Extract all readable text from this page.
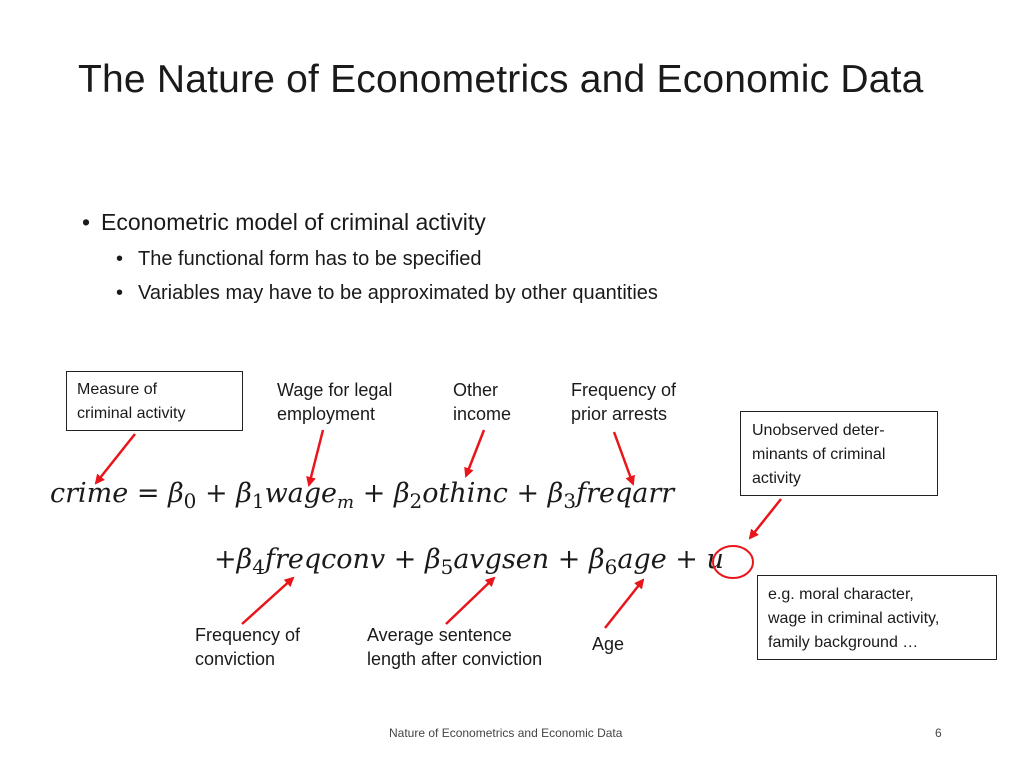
The Nature of Econometrics and Economic Data
• Econometric model of criminal activity
• The functional form has to be specified
• Variables may have to be approximated by other quantities
Measure of
criminal activity
Unobserved deter-
minants of criminal
activity
e.g. moral character,
wage in criminal activity,
family background …
Wage for legal
employment
Other
income
Frequency of
prior arrests
Frequency of
conviction
Average sentence
length after conviction
Age
crime = $\beta_0$ + $\beta_1wage_m$ + $\beta_2othinc$ + $\beta_3freqarr$
$+\beta_4freqconv$ + $\beta_5avgsen + \beta_6age + u$
Nature of Econometrics and Economic Data	6
